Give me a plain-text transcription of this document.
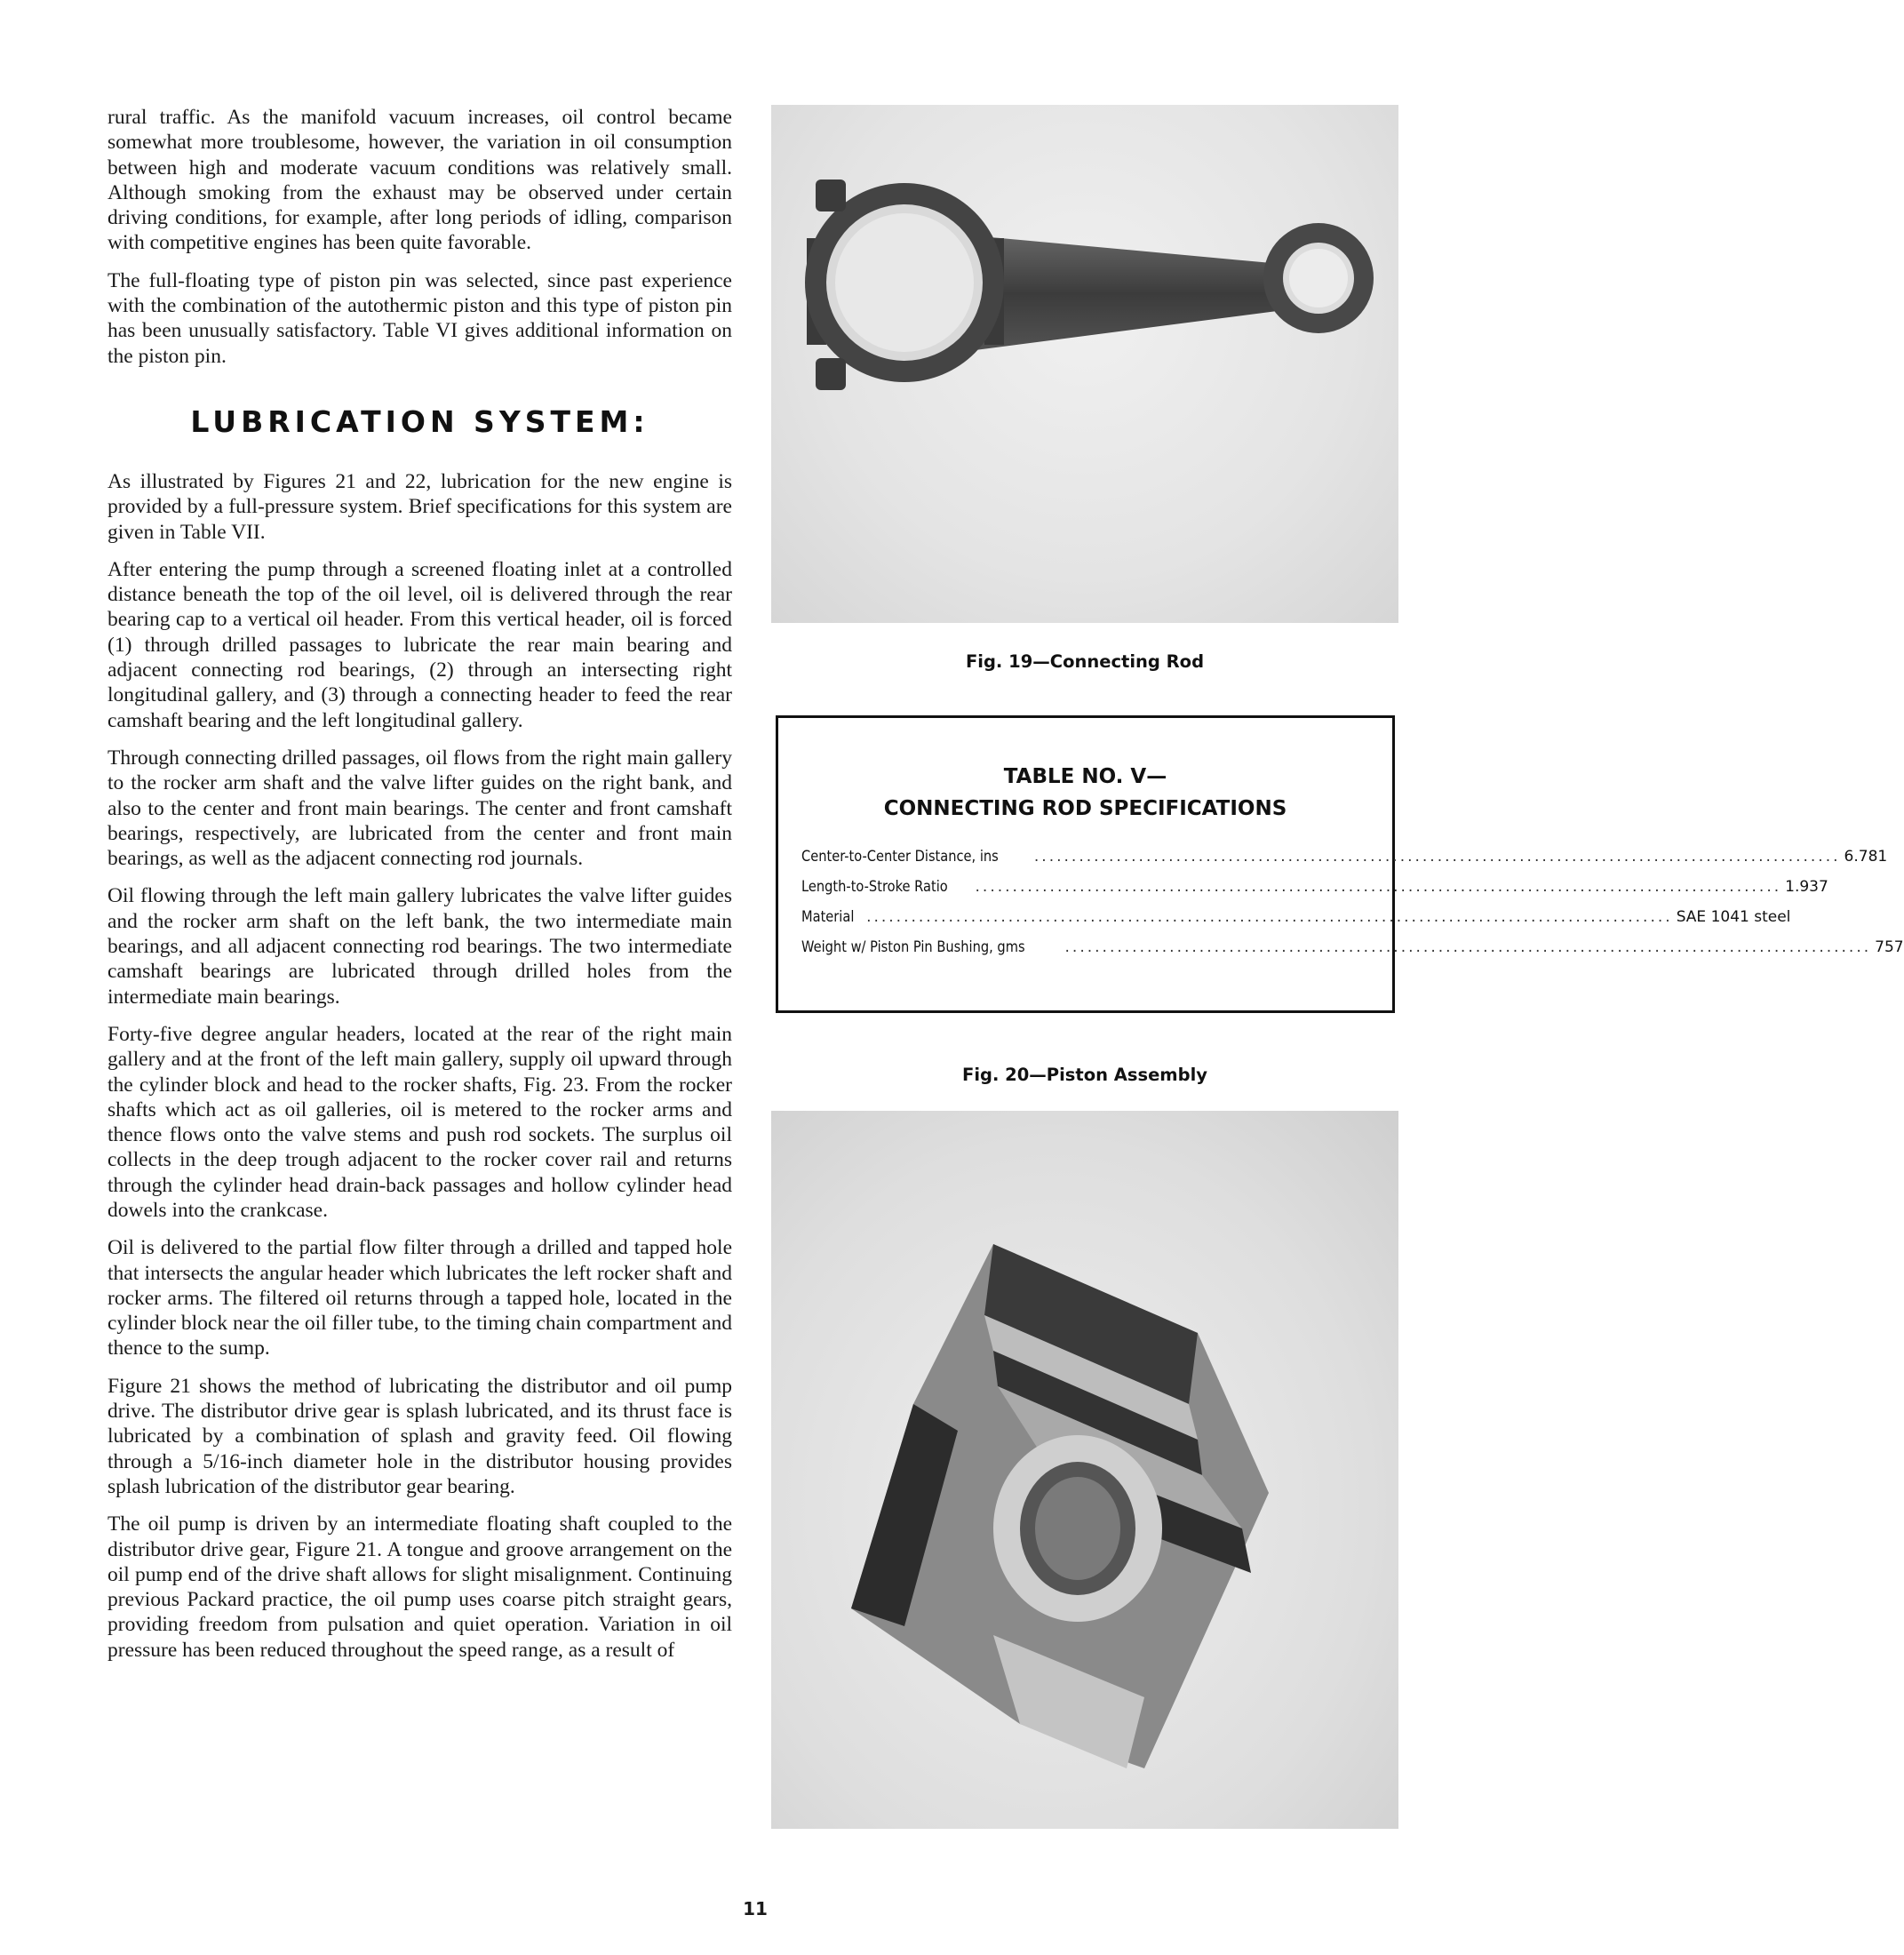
rural traffic. As the manifold vacuum increases, oil control became somewhat more troublesome, however, the variation in oil consumption between high and moderate vacuum conditions was relatively small. Although smoking from the exhaust may be observed under certain driving conditions, for example, after long periods of idling, comparison with competitive engines has been quite favorable.

The full-floating type of piston pin was selected, since past experience with the combination of the autothermic piston and this type of piston pin has been unusually satisfactory. Table VI gives additional information on the piston pin.

LUBRICATION SYSTEM:

As illustrated by Figures 21 and 22, lubrication for the new engine is provided by a full-pressure system. Brief specifications for this system are given in Table VII.

After entering the pump through a screened floating inlet at a controlled distance beneath the top of the oil level, oil is delivered through the rear bearing cap to a vertical oil header. From this vertical header, oil is forced (1) through drilled passages to lubricate the rear main bearing and adjacent connecting rod bearings, (2) through an intersecting right longitudinal gallery, and (3) through a connecting header to feed the rear camshaft bearing and the left longitudinal gallery.

Through connecting drilled passages, oil flows from the right main gallery to the rocker arm shaft and the valve lifter guides on the right bank, and also to the center and front main bearings. The center and front camshaft bearings, respectively, are lubricated from the center and front main bearings, as well as the adjacent connecting rod journals.

Oil flowing through the left main gallery lubricates the valve lifter guides and the rocker arm shaft on the left bank, the two intermediate main bearings, and all adjacent connecting rod bearings. The two intermediate camshaft bearings are lubricated through drilled holes from the intermediate main bearings.

Forty-five degree angular headers, located at the rear of the right main gallery and at the front of the left main gallery, supply oil upward through the cylinder block and head to the rocker shafts, Fig. 23. From the rocker shafts which act as oil galleries, oil is metered to the rocker arms and thence flows onto the valve stems and push rod sockets. The surplus oil collects in the deep trough adjacent to the rocker cover rail and returns through the cylinder head drain-back passages and hollow cylinder head dowels into the crankcase.

Oil is delivered to the partial flow filter through a drilled and tapped hole that intersects the angular header which lubricates the left rocker shaft and rocker arms. The filtered oil returns through a tapped hole, located in the cylinder block near the oil filler tube, to the timing chain compartment and thence to the sump.

Figure 21 shows the method of lubricating the distributor and oil pump drive. The distributor drive gear is splash lubricated, and its thrust face is lubricated by a combination of splash and gravity feed. Oil flowing through a 5/16-inch diameter hole in the distributor housing provides splash lubrication of the distributor gear bearing.

The oil pump is driven by an intermediate floating shaft coupled to the distributor drive gear, Figure 21. A tongue and groove arrangement on the oil pump end of the drive shaft allows for slight misalignment. Continuing previous Packard practice, the oil pump uses coarse pitch straight gears, providing freedom from pulsation and quiet operation. Variation in oil pressure has been reduced throughout the speed range, as a result of

Fig. 19—Connecting Rod
TABLE NO. V—
CONNECTING ROD SPECIFICATIONS
Center-to-Center Distance, ins ............................................................................................................ 6.781
Length-to-Stroke Ratio ............................................................................................................ 1.937
Material ............................................................................................................ SAE 1041 steel
Weight w/ Piston Pin Bushing, gms	............................................................................................................ 757
Fig. 20—Piston Assembly
11
